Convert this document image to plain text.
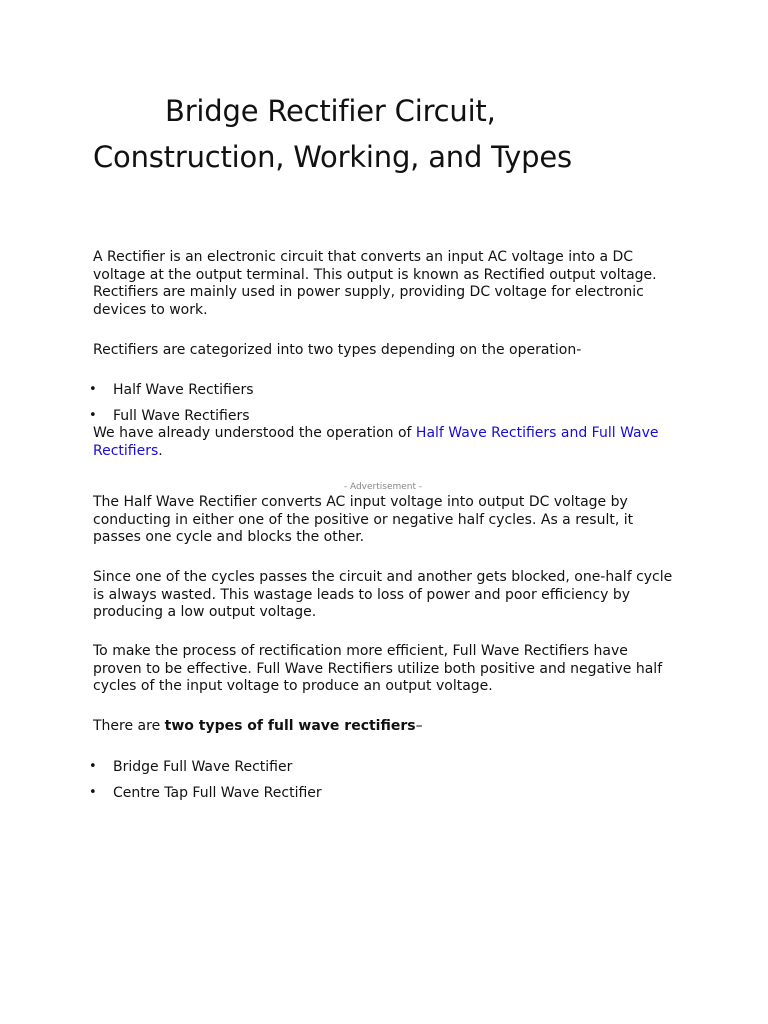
Bridge Rectifier Circuit,
Construction, Working, and Types

A Rectifier is an electronic circuit that converts an input AC voltage into a DC voltage at the output terminal. This output is known as Rectified output voltage. Rectifiers are mainly used in power supply, providing DC voltage for electronic devices to work.

Rectifiers are categorized into two types depending on the operation-

• Half Wave Rectifiers
• Full Wave Rectifiers

We have already understood the operation of Half Wave Rectifiers and Full Wave Rectifiers.

- Advertisement -

The Half Wave Rectifier converts AC input voltage into output DC voltage by conducting in either one of the positive or negative half cycles. As a result, it passes one cycle and blocks the other.

Since one of the cycles passes the circuit and another gets blocked, one-half cycle is always wasted. This wastage leads to loss of power and poor efficiency by producing a low output voltage.

To make the process of rectification more efficient, Full Wave Rectifiers have proven to be effective. Full Wave Rectifiers utilize both positive and negative half cycles of the input voltage to produce an output voltage.

There are two types of full wave rectifiers–

• Bridge Full Wave Rectifier
• Centre Tap Full Wave Rectifier
